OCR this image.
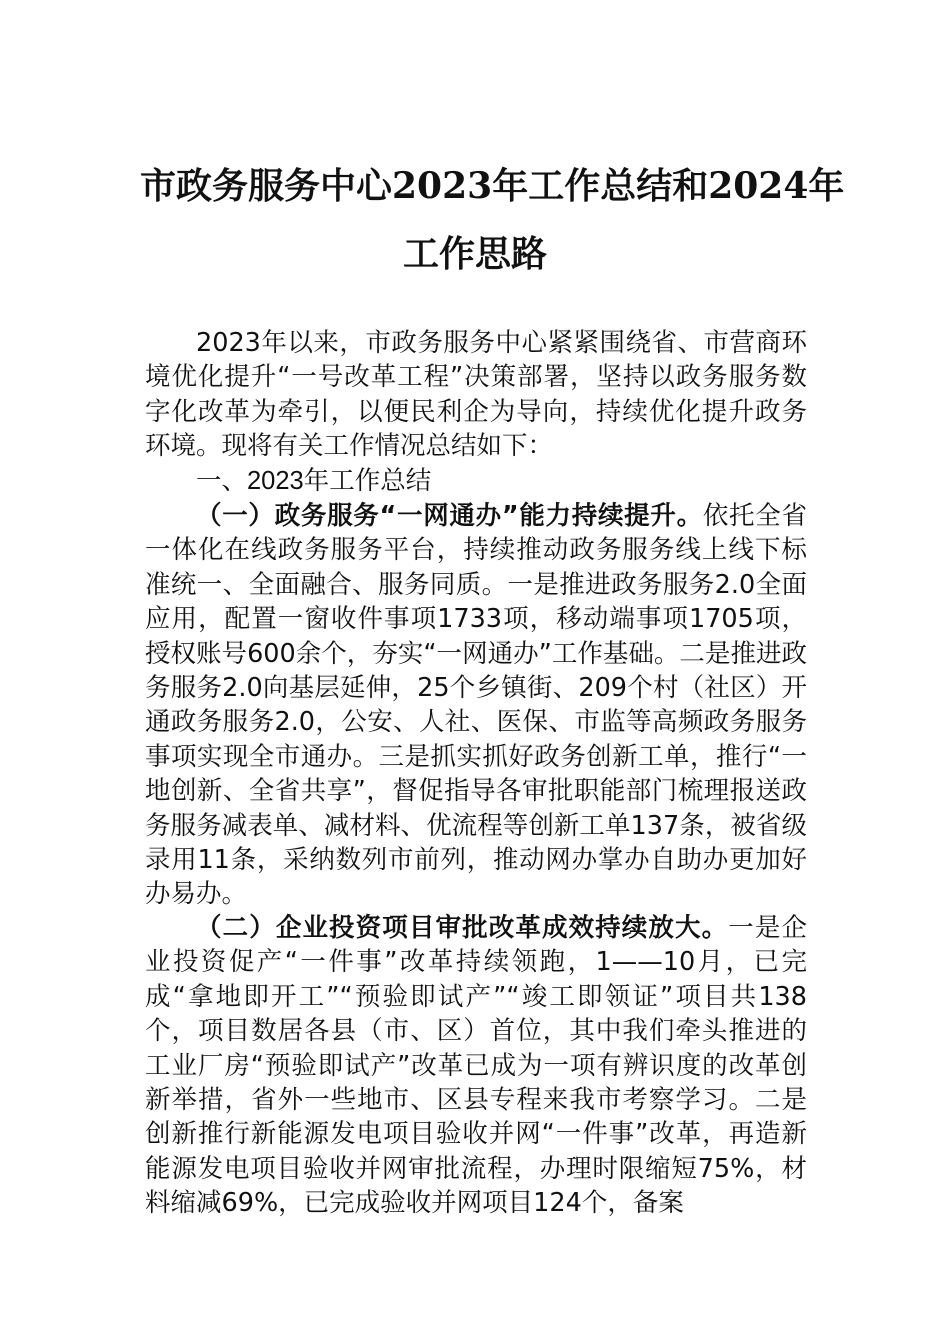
市政务服务中心2023年工作总结和2024年
工作思路

2023年以来，市政务服务中心紧紧围绕省、市营商环境优化提升“一号改革工程”决策部署，坚持以政务服务数字化改革为牵引，以便民利企为导向，持续优化提升政务环境。现将有关工作情况总结如下：

一、2023年工作总结

（一）政务服务“一网通办”能力持续提升。依托全省一体化在线政务服务平台，持续推动政务服务线上线下标准统一、全面融合、服务同质。一是推进政务服务2.0全面应用，配置一窗收件事项1733项，移动端事项1705项，授权账号600余个，夯实“一网通办”工作基础。二是推进政务服务2.0向基层延伸，25个乡镇街、209个村（社区）开通政务服务2.0，公安、人社、医保、市监等高频政务服务事项实现全市通办。三是抓实抓好政务创新工单，推行“一地创新、全省共享”，督促指导各审批职能部门梳理报送政务服务减表单、减材料、优流程等创新工单137条，被省级录用11条，采纳数列市前列，推动网办掌办自助办更加好办易办。

（二）企业投资项目审批改革成效持续放大。一是企业投资促产“一件事”改革持续领跑，1——10月，已完成“拿地即开工”“预验即试产”“竣工即领证”项目共138个，项目数居各县（市、区）首位，其中我们牵头推进的工业厂房“预验即试产”改革已成为一项有辨识度的改革创新举措，省外一些地市、区县专程来我市考察学习。二是创新推行新能源发电项目验收并网“一件事”改革，再造新能源发电项目验收并网审批流程，办理时限缩短75%，材料缩减69%，已完成验收并网项目124个，备案
